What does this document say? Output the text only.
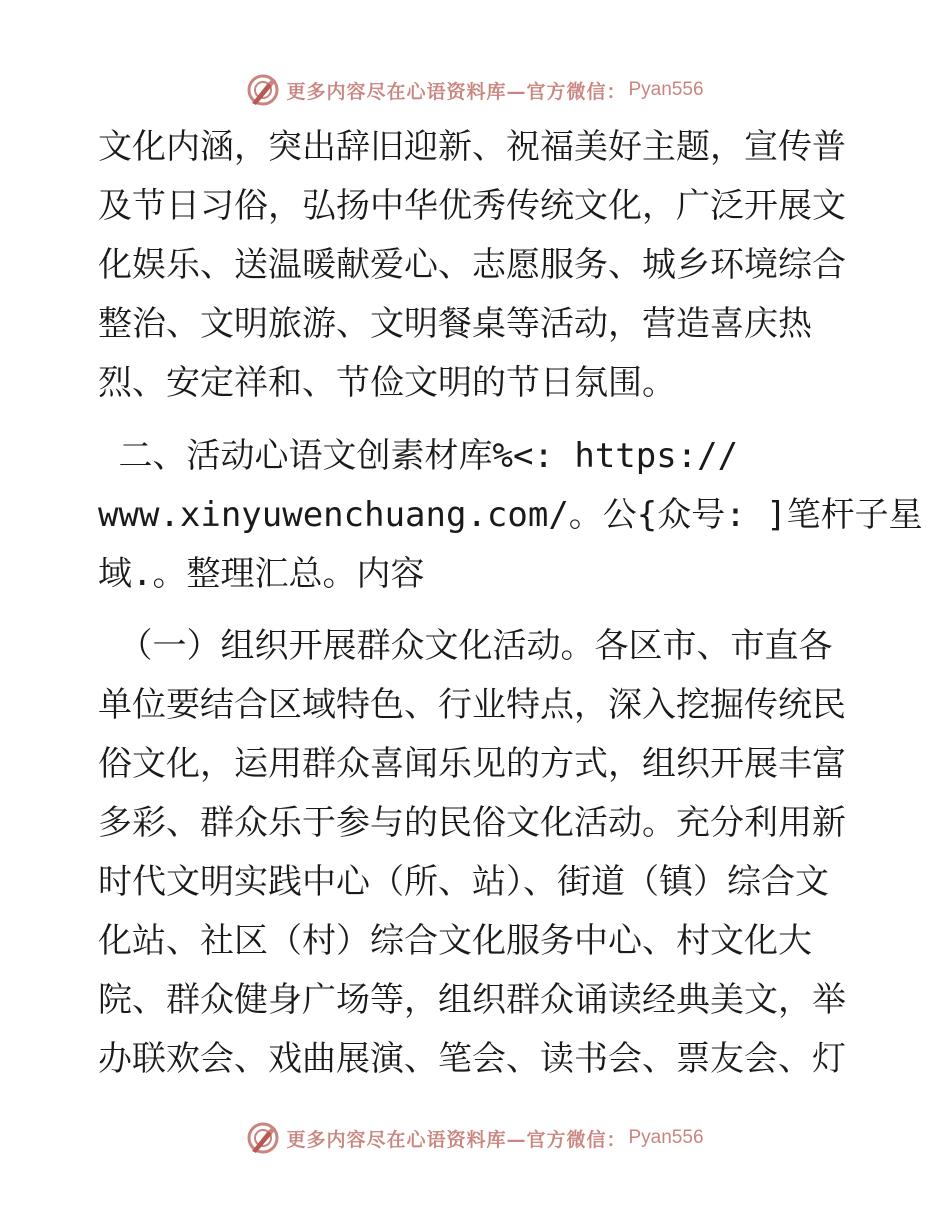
更多内容尽在心语资料库—官方微信： Pyan556
文化内涵，突出辞旧迎新、祝福美好主题，宣传普
及节日习俗，弘扬中华优秀传统文化，广泛开展文
化娱乐、送温暖献爱心、志愿服务、城乡环境综合
整治、文明旅游、文明餐桌等活动，营造喜庆热
烈、安定祥和、节俭文明的节日氛围。
二、活动心语文创素材库%<: https://
www.xinyuwenchuang.com/。公{众号: ]笔杆子星
域.。整理汇总。内容
（一）组织开展群众文化活动。各区市、市直各
单位要结合区域特色、行业特点，深入挖掘传统民
俗文化，运用群众喜闻乐见的方式，组织开展丰富
多彩、群众乐于参与的民俗文化活动。充分利用新
时代文明实践中心（所、站）、街道（镇）综合文
化站、社区（村）综合文化服务中心、村文化大
院、群众健身广场等，组织群众诵读经典美文，举
办联欢会、戏曲展演、笔会、读书会、票友会、灯
更多内容尽在心语资料库—官方微信： Pyan556
